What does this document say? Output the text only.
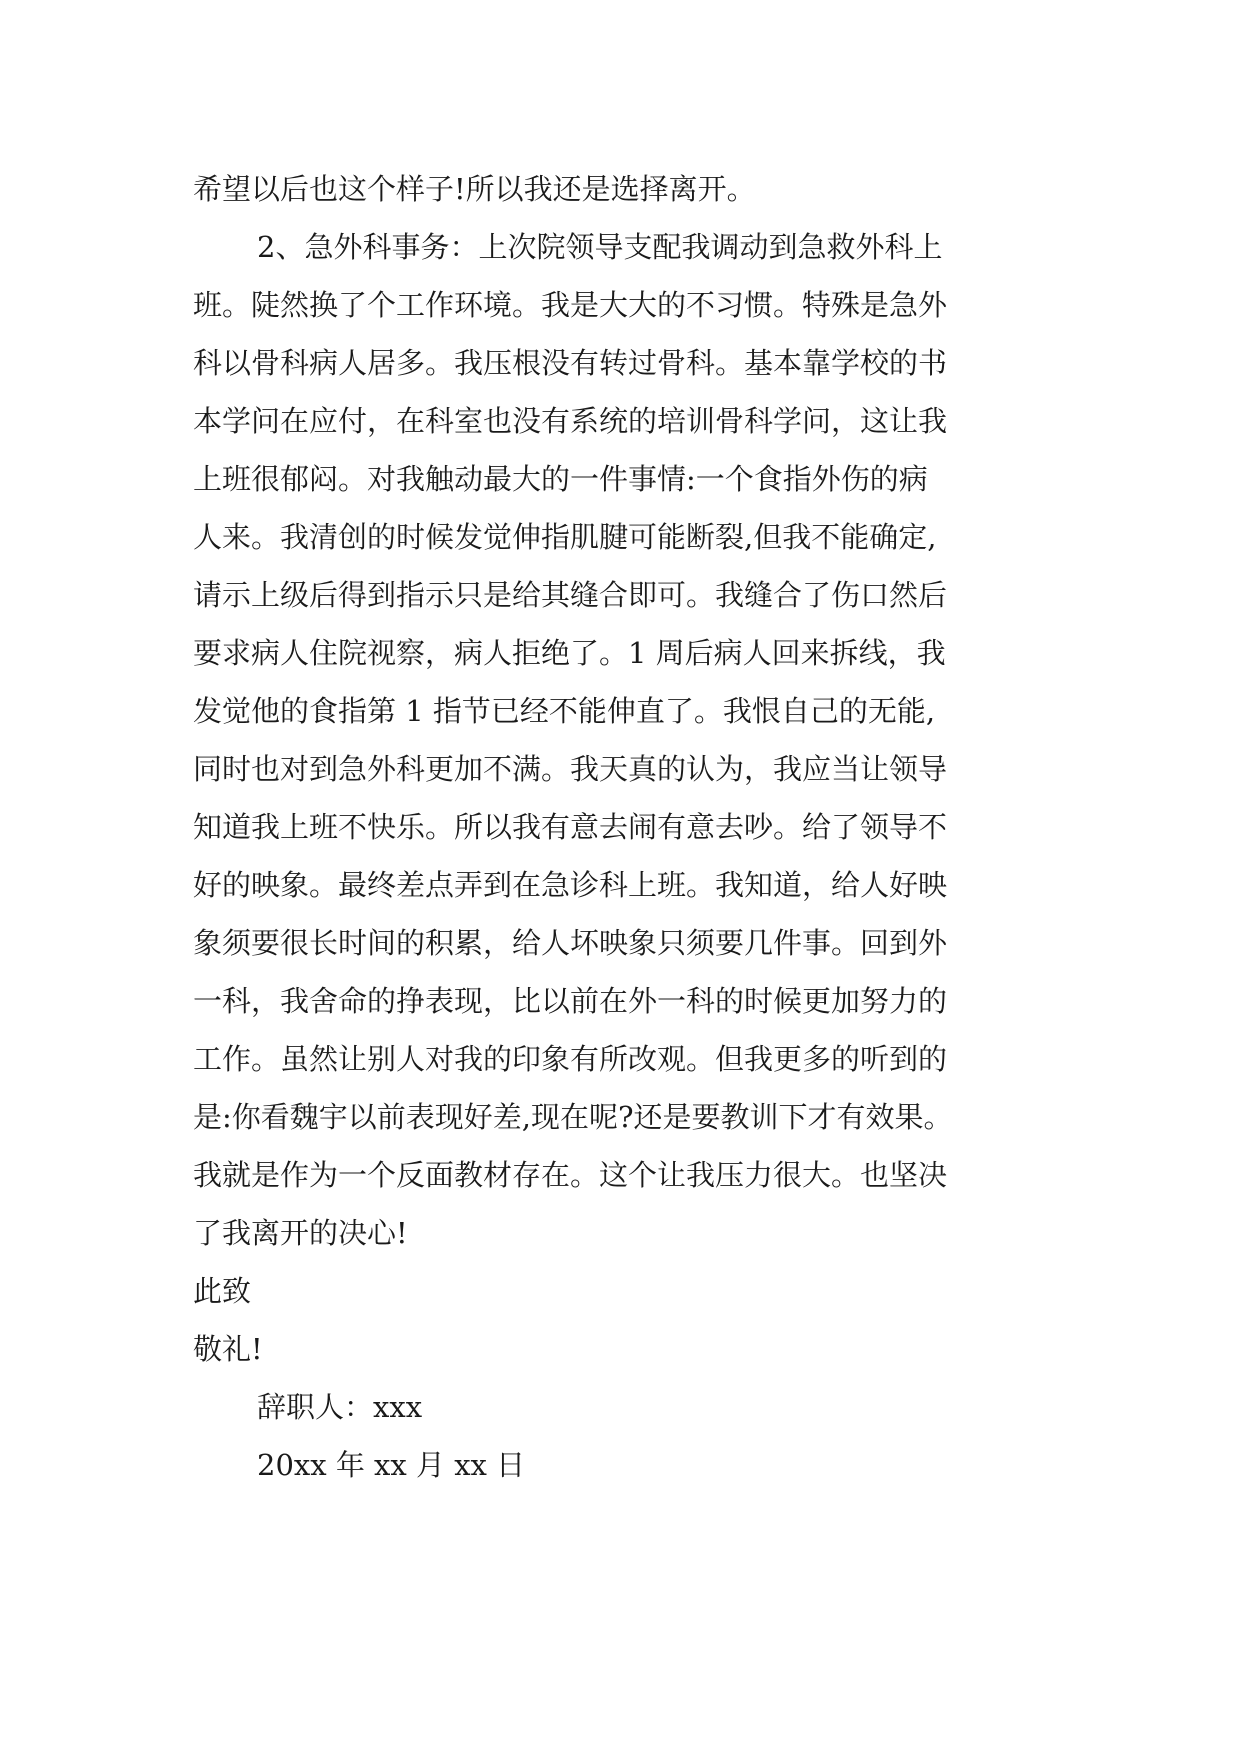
希望以后也这个样子!所以我还是选择离开。
2、急外科事务：上次院领导支配我调动到急救外科上
班。陡然换了个工作环境。我是大大的不习惯。特殊是急外
科以骨科病人居多。我压根没有转过骨科。基本靠学校的书
本学问在应付，在科室也没有系统的培训骨科学问，这让我
上班很郁闷。对我触动最大的一件事情:一个食指外伤的病
人来。我清创的时候发觉伸指肌腱可能断裂,但我不能确定,
请示上级后得到指示只是给其缝合即可。我缝合了伤口然后
要求病人住院视察，病人拒绝了。1 周后病人回来拆线，我
发觉他的食指第 1 指节已经不能伸直了。我恨自己的无能,
同时也对到急外科更加不满。我天真的认为，我应当让领导
知道我上班不快乐。所以我有意去闹有意去吵。给了领导不
好的映象。最终差点弄到在急诊科上班。我知道，给人好映
象须要很长时间的积累，给人坏映象只须要几件事。回到外
一科，我舍命的挣表现，比以前在外一科的时候更加努力的
工作。虽然让别人对我的印象有所改观。但我更多的听到的
是:你看魏宇以前表现好差,现在呢?还是要教训下才有效果。
我就是作为一个反面教材存在。这个让我压力很大。也坚决
了我离开的决心!
此致
敬礼!
辞职人：xxx
20xx 年 xx 月 xx 日
